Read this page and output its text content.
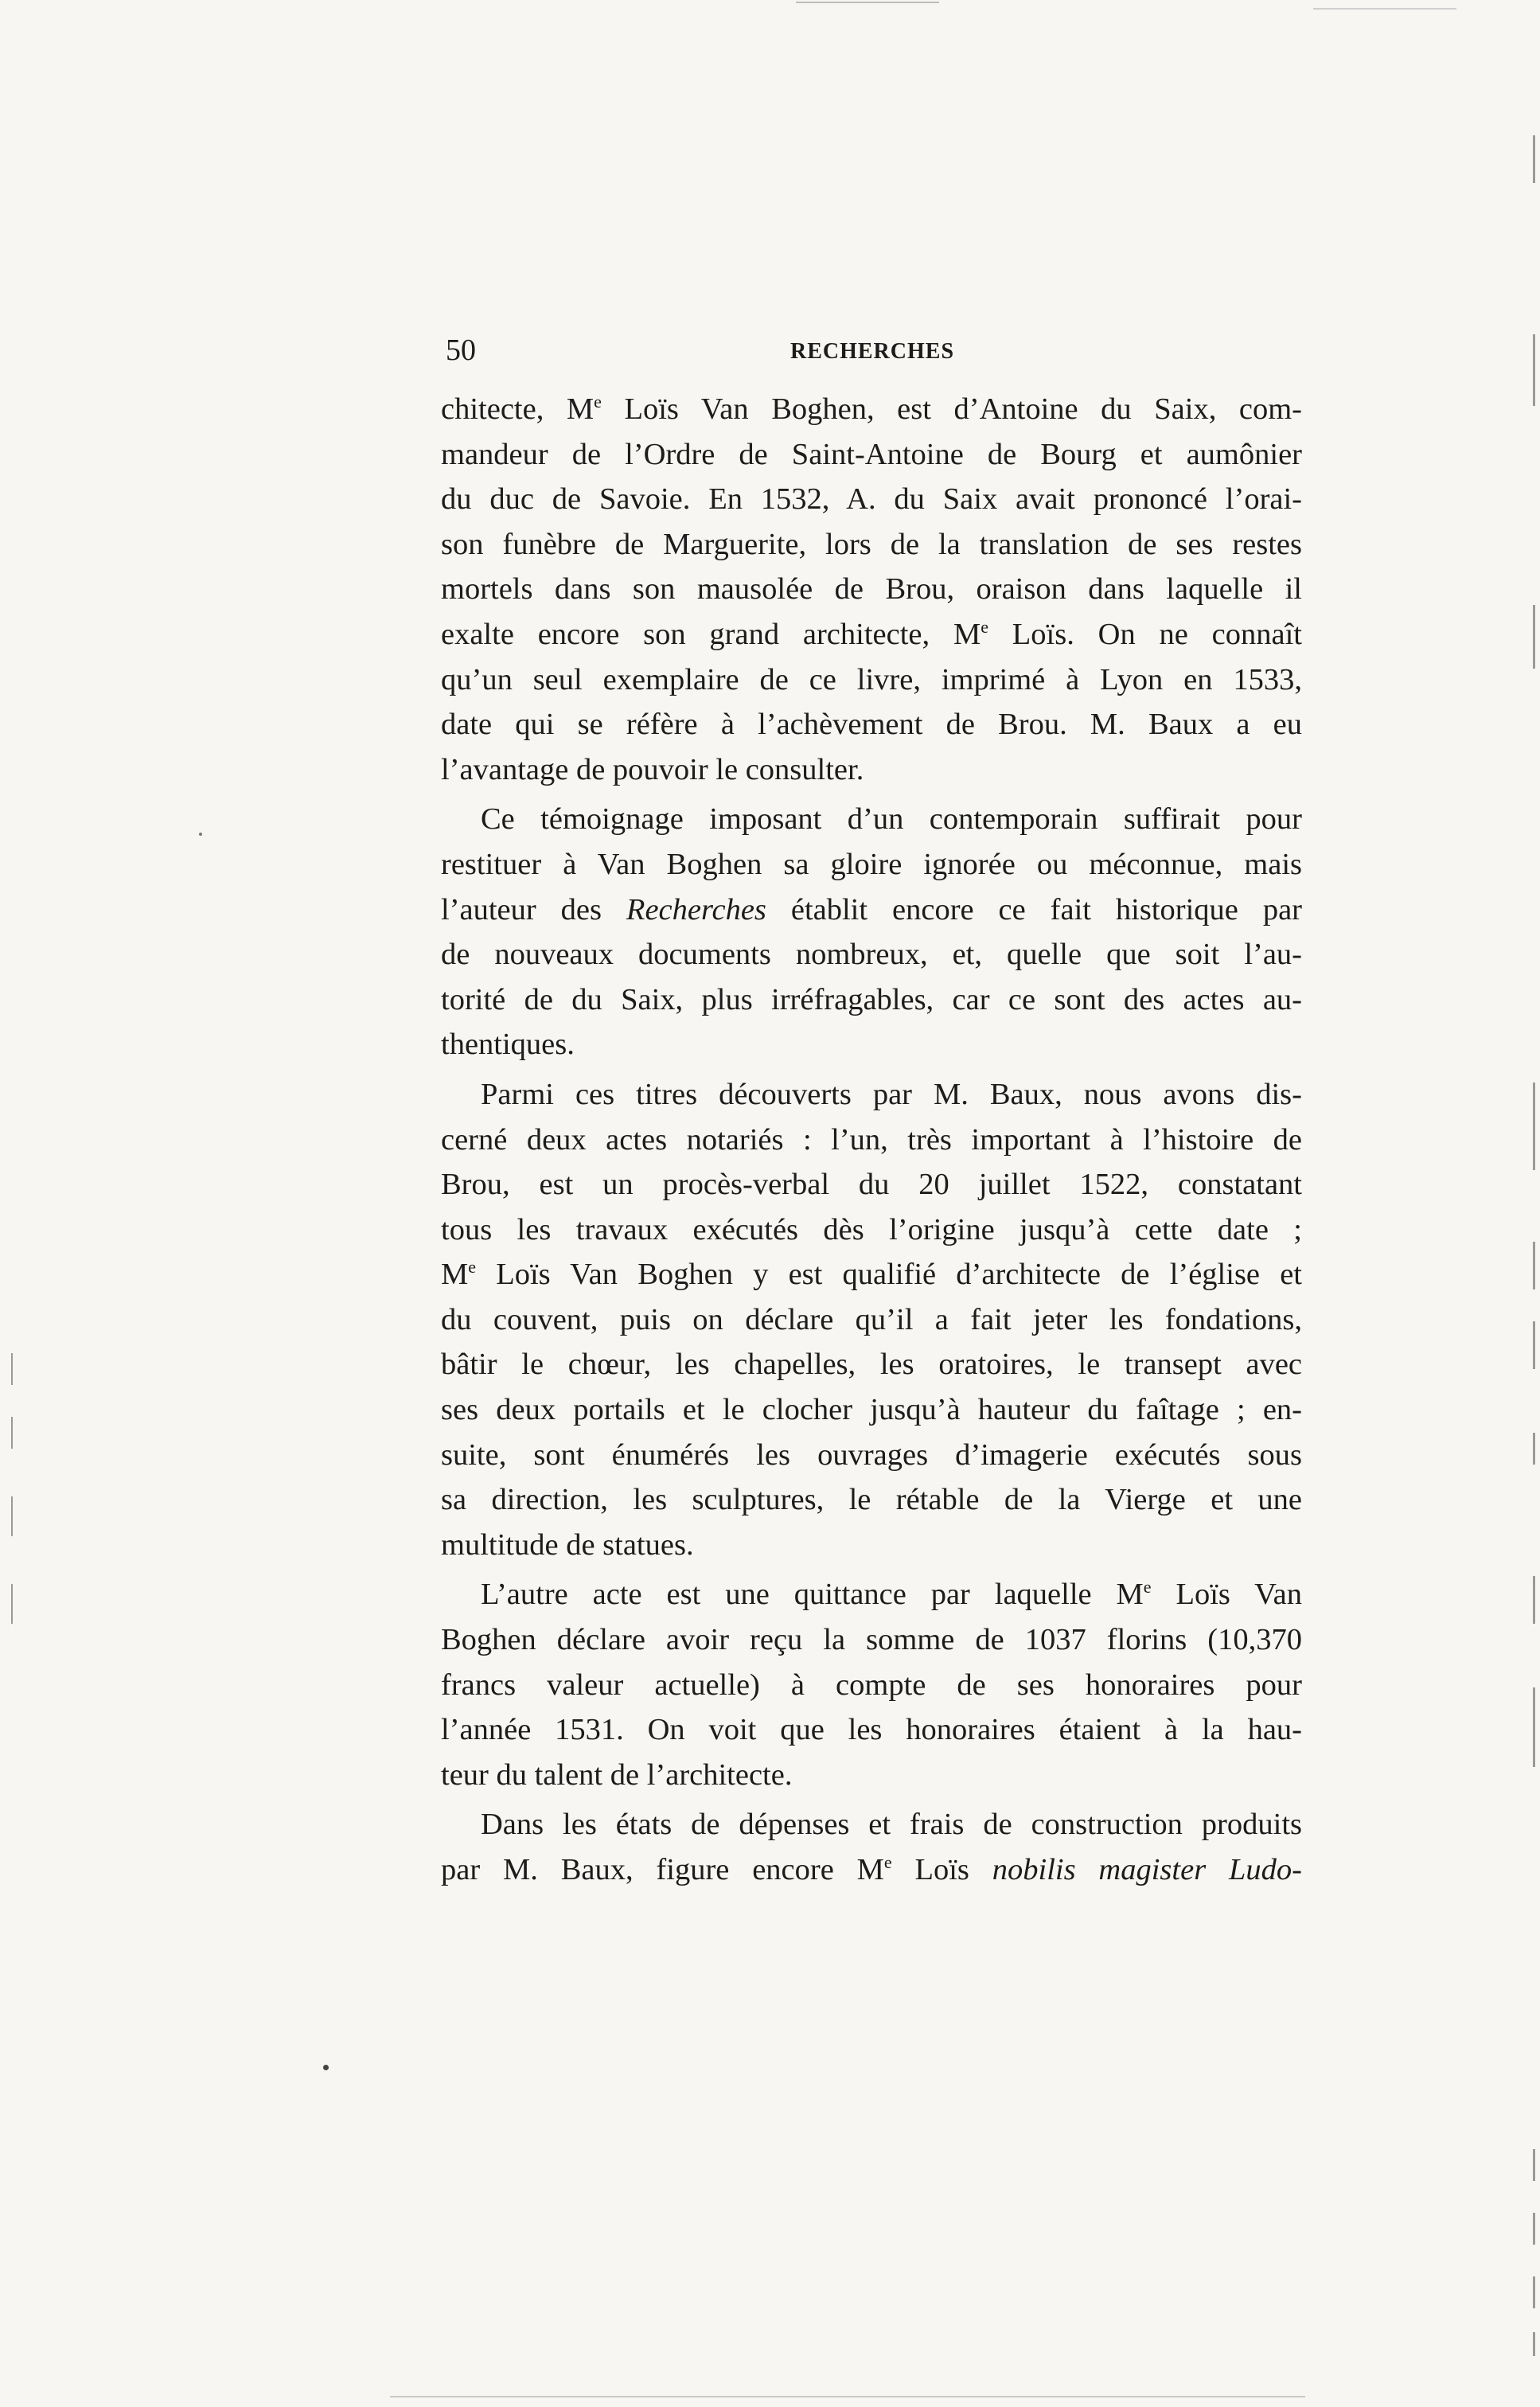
50	RECHERCHES
chitecte, Me Loïs Van Boghen, est d’Antoine du Saix, com-
mandeur de l’Ordre de Saint-Antoine de Bourg et aumônier
du duc de Savoie. En 1532, A. du Saix avait prononcé l’orai-
son funèbre de Marguerite, lors de la translation de ses restes
mortels dans son mausolée de Brou, oraison dans laquelle il
exalte encore son grand architecte, Me Loïs. On ne connaît
qu’un seul exemplaire de ce livre, imprimé à Lyon en 1533,
date qui se réfère à l’achèvement de Brou. M. Baux a eu
l’avantage de pouvoir le consulter.
Ce témoignage imposant d’un contemporain suffirait pour
restituer à Van Boghen sa gloire ignorée ou méconnue, mais
l’auteur des Recherches établit encore ce fait historique par
de nouveaux documents nombreux, et, quelle que soit l’au-
torité de du Saix, plus irréfragables, car ce sont des actes au-
thentiques.
Parmi ces titres découverts par M. Baux, nous avons dis-
cerné deux actes notariés : l’un, très important à l’histoire de
Brou, est un procès-verbal du 20 juillet 1522, constatant
tous les travaux exécutés dès l’origine jusqu’à cette date ;
Me Loïs Van Boghen y est qualifié d’architecte de l’église et
du couvent, puis on déclare qu’il a fait jeter les fondations,
bâtir le chœur, les chapelles, les oratoires, le transept avec
ses deux portails et le clocher jusqu’à hauteur du faîtage ; en-
suite, sont énumérés les ouvrages d’imagerie exécutés sous
sa direction, les sculptures, le rétable de la Vierge et une
multitude de statues.
L’autre acte est une quittance par laquelle Me Loïs Van
Boghen déclare avoir reçu la somme de 1037 florins (10,370
francs valeur actuelle) à compte de ses honoraires pour
l’année 1531. On voit que les honoraires étaient à la hau-
teur du talent de l’architecte.
Dans les états de dépenses et frais de construction produits
par M. Baux, figure encore Me Loïs nobilis magister Ludo-
